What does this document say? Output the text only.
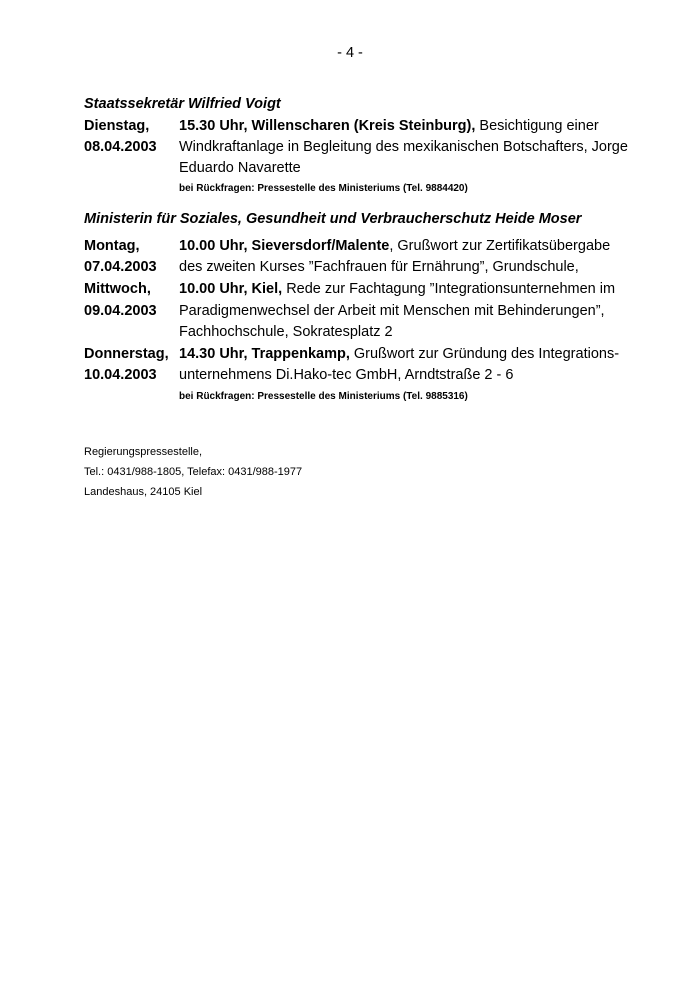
- 4 -
Staatssekretär Wilfried Voigt
Dienstag, 15.30 Uhr, Willenscharen (Kreis Steinburg), Besichtigung einer
08.04.2003 Windkraftanlage in Begleitung des mexikanischen Botschafters, Jorge
Eduardo Navarette
bei Rückfragen: Pressestelle des Ministeriums (Tel. 9884420)
Ministerin für Soziales, Gesundheit und Verbraucherschutz Heide Moser
Montag,	10.00 Uhr, Sieversdorf/Malente, Grußwort zur Zertifikatsübergabe
07.04.2003 des zweiten Kurses ”Fachfrauen für Ernährung”, Grundschule,
Mittwoch, 10.00 Uhr, Kiel, Rede zur Fachtagung ”Integrationsunternehmen im
09.04.2003 Paradigmenwechsel der Arbeit mit Menschen mit Behinderungen”,
Fachhochschule, Sokratesplatz 2
Donnerstag, 14.30 Uhr, Trappenkamp, Grußwort zur Gründung des Integrations-
10.04.2003 unternehmens Di.Hako-tec GmbH, Arndtstraße 2 - 6
bei Rückfragen: Pressestelle des Ministeriums (Tel. 9885316)
Regierungspressestelle,
Tel.: 0431/988-1805, Telefax: 0431/988-1977
Landeshaus, 24105 Kiel
